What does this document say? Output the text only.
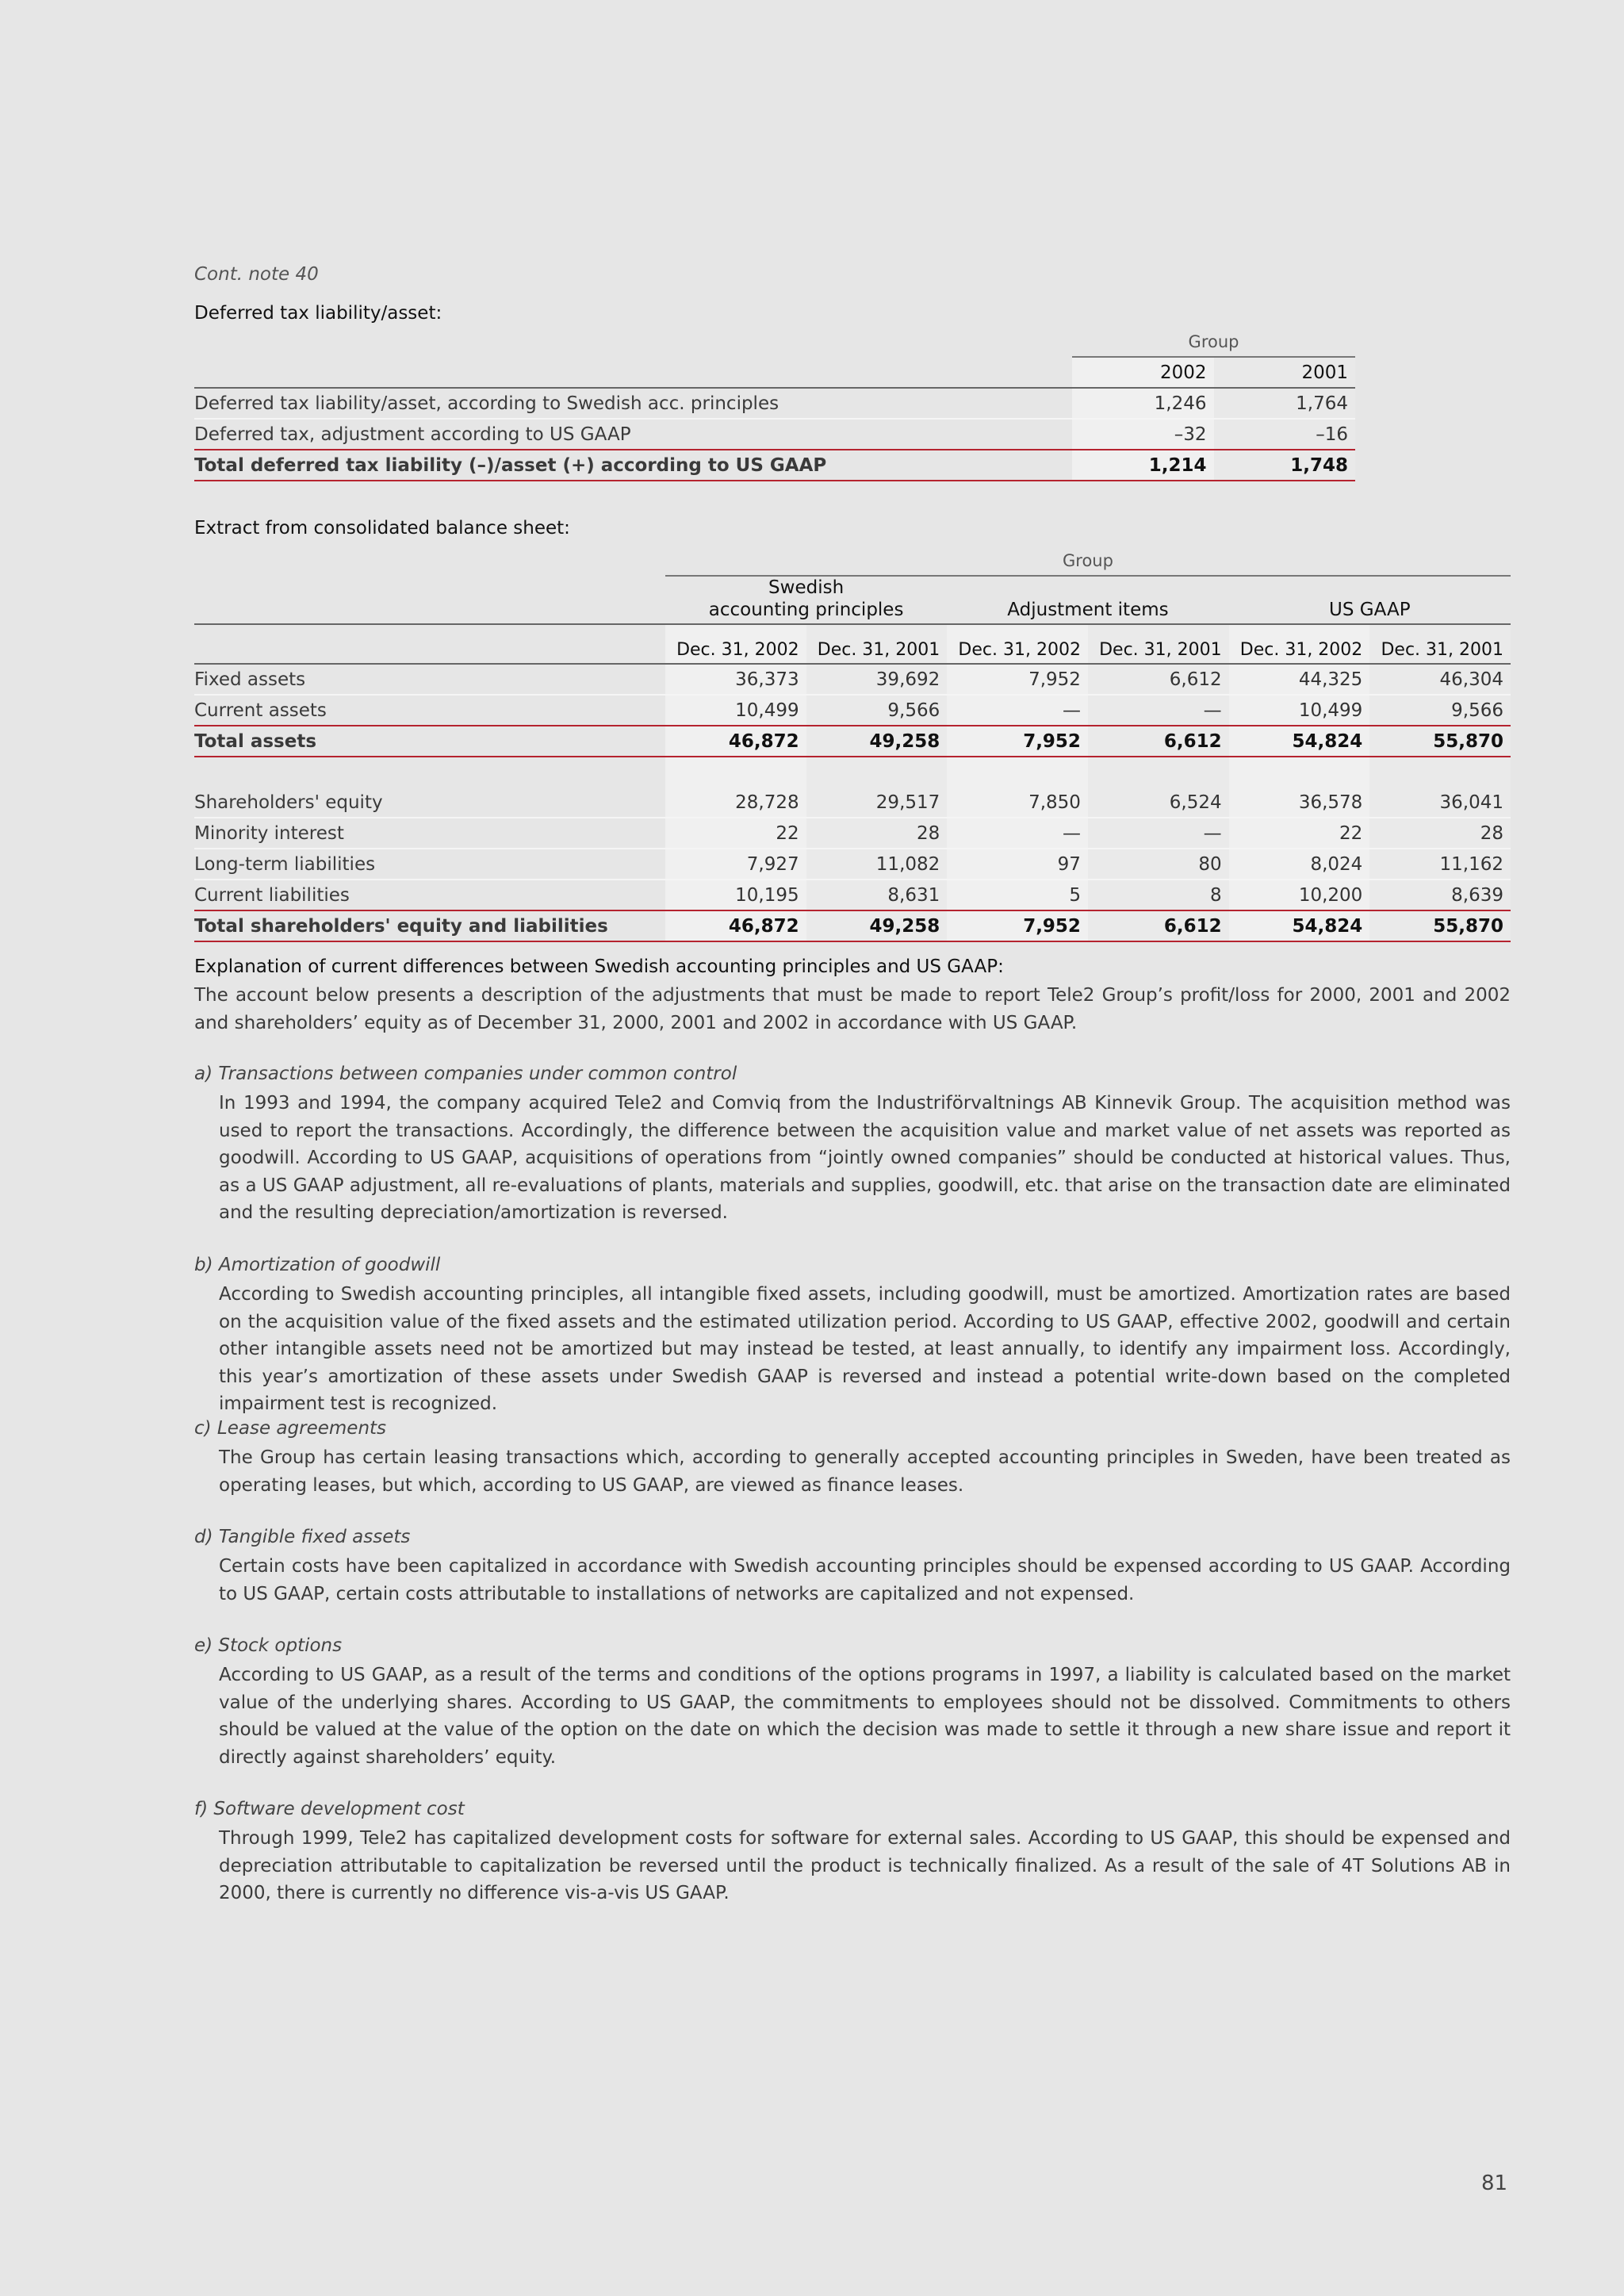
Cont. note 40
Deferred tax liability/asset:
	Group	
	2002	2001
Deferred tax liability/asset, according to Swedish acc. principles	1,246	1,764
Deferred tax, adjustment according to US GAAP	–32	–16
Total deferred tax liability (–)/asset (+) according to US GAAP	1,214	1,748
Extract from consolidated balance sheet:
	Group					

	Swedish
accounting principles		Adjustment items		US GAAP	
	Dec. 31, 2002	Dec. 31, 2001	Dec. 31, 2002	Dec. 31, 2001	Dec. 31, 2002	Dec. 31, 2001
Fixed assets	36,373	39,692	7,952	6,612	44,325	46,304
Current assets	10,499	9,566	—	—	10,499	9,566
Total assets	46,872	49,258	7,952	6,612	54,824	55,870

Shareholders' equity	28,728	29,517	7,850	6,524	36,578	36,041
Minority interest	22	28	—	—	22	28
Long-term liabilities	7,927	11,082	97	80	8,024	11,162
Current liabilities	10,195	8,631	5	8	10,200	8,639
Total shareholders' equity and liabilities	46,872	49,258	7,952	6,612	54,824	55,870
Explanation of current differences between Swedish accounting principles and US GAAP:
The account below presents a description of the adjustments that must be made to report Tele2 Group’s profit/loss for 2000, 2001 and 2002 and shareholders’ equity as of December 31, 2000, 2001 and 2002 in accordance with US GAAP.
a) Transactions between companies under common control
In 1993 and 1994, the company acquired Tele2 and Comviq from the Industriförvaltnings AB Kinnevik Group. The acquisition method was used to report the transactions. Accordingly, the difference between the acquisition value and market value of net assets was reported as goodwill. According to US GAAP, acquisitions of operations from “jointly owned companies” should be conducted at historical values. Thus, as a US GAAP adjustment, all re-evaluations of plants, materials and supplies, goodwill, etc. that arise on the transaction date are eliminated and the resulting depreciation/amortization is reversed.
b) Amortization of goodwill
According to Swedish accounting principles, all intangible fixed assets, including goodwill, must be amortized. Amortization rates are based on the acquisition value of the fixed assets and the estimated utilization period. According to US GAAP, effective 2002, goodwill and certain other intangible assets need not be amortized but may instead be tested, at least annually, to identify any impairment loss. Accordingly, this year’s amortization of these assets under Swedish GAAP is reversed and instead a potential write-down based on the completed impairment test is recognized.
c) Lease agreements
The Group has certain leasing transactions which, according to generally accepted accounting principles in Sweden, have been treated as operating leases, but which, according to US GAAP, are viewed as finance leases.
d) Tangible fixed assets
Certain costs have been capitalized in accordance with Swedish accounting principles should be expensed according to US GAAP. According to US GAAP, certain costs attributable to installations of networks are capitalized and not expensed.
e) Stock options
According to US GAAP, as a result of the terms and conditions of the options programs in 1997, a liability is calculated based on the market value of the underlying shares. According to US GAAP, the commitments to employees should not be dissolved. Commitments to others should be valued at the value of the option on the date on which the decision was made to settle it through a new share issue and report it directly against shareholders’ equity.
f) Software development cost
Through 1999, Tele2 has capitalized development costs for software for external sales. According to US GAAP, this should be expensed and depreciation attributable to capitalization be reversed until the product is technically finalized. As a result of the sale of 4T Solutions AB in 2000, there is currently no difference vis-a-vis US GAAP.
81
